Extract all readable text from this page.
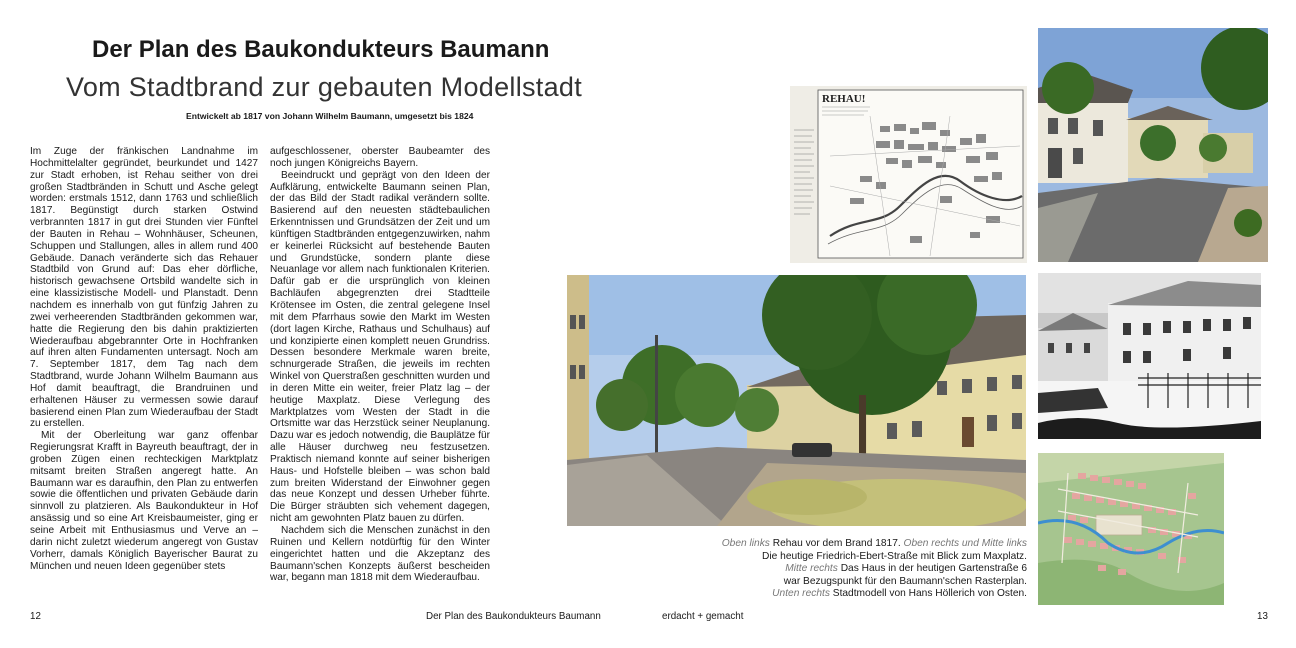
Der Plan des Baukondukteurs Baumann
Vom Stadtbrand zur gebauten Modellstadt
Entwickelt ab 1817 von Johann Wilhelm Baumann, umgesetzt bis 1824

Im Zuge der fränkischen Landnahme im Hochmittelalter gegründet, beurkundet und 1427 zur Stadt erhoben, ist Rehau seither von drei großen Stadtbränden in Schutt und Asche gelegt worden: erstmals 1512, dann 1763 und schließlich 1817. Begünstigt durch starken Ostwind verbrannten 1817 in gut drei Stunden vier Fünftel der Bauten in Rehau – Wohnhäuser, Scheunen, Schuppen und Stallungen, alles in allem rund 400 Gebäude. Danach veränderte sich das Rehauer Stadtbild von Grund auf: Das eher dörfliche, historisch gewachsene Ortsbild wandelte sich in eine klassizistische Modell- und Planstadt. Denn nachdem es innerhalb von gut fünfzig Jahren zu zwei verheerenden Stadtbränden gekommen war, hatte die Regierung den bis dahin praktizierten Wiederaufbau abgebrannter Orte in Hochfranken auf ihren alten Fundamenten untersagt. Noch am 7. September 1817, dem Tag nach dem Stadtbrand, wurde Johann Wilhelm Baumann aus Hof damit beauftragt, die Brandruinen und erhaltenen Häuser zu vermessen sowie darauf basierend einen Plan zum Wiederaufbau der Stadt zu erstellen.

Mit der Oberleitung war ganz offenbar Regierungsrat Krafft in Bayreuth beauftragt, der in groben Zügen einen rechteckigen Marktplatz mitsamt breiten Straßen angeregt hatte. An Baumann war es daraufhin, den Plan zu entwerfen sowie die öffentlichen und privaten Gebäude darin sinnvoll zu platzieren. Als Baukondukteur in Hof ansässig und so eine Art Kreisbaumeister, ging er seine Arbeit mit Enthusiasmus und Verve an – darin nicht zuletzt wiederum angeregt von Gustav Vorherr, damals Königlich Bayerischer Baurat zu München und neuen Ideen gegenüber stets

aufgeschlossener, oberster Baubeamter des noch jungen Königreichs Bayern.

Beeindruckt und geprägt von den Ideen der Aufklärung, entwickelte Baumann seinen Plan, der das Bild der Stadt radikal verändern sollte. Basierend auf den neuesten städtebaulichen Erkenntnissen und Grundsätzen der Zeit und um künftigen Stadtbränden entgegenzuwirken, nahm er keinerlei Rücksicht auf bestehende Bauten und Grundstücke, sondern plante diese Neuanlage vor allem nach funktionalen Kriterien. Dafür gab er die ursprünglich von kleinen Bachläufen abgegrenzten drei Stadtteile Krötensee im Osten, die zentral gelegene Insel mit dem Pfarrhaus sowie den Markt im Westen (dort lagen Kirche, Rathaus und Schulhaus) auf und konzipierte einen komplett neuen Grundriss. Dessen besondere Merkmale waren breite, schnurgerade Straßen, die jeweils im rechten Winkel von Querstraßen geschnitten wurden und in deren Mitte ein weiter, freier Platz lag – der heutige Maxplatz. Diese Verlegung des Marktplatzes vom Westen der Stadt in die Ortsmitte war das Herzstück seiner Neuplanung. Dazu war es jedoch notwendig, die Bauplätze für alle Häuser durchweg neu festzusetzen. Praktisch niemand konnte auf seiner bisherigen Haus- und Hofstelle bleiben – was schon bald zum breiten Widerstand der Einwohner gegen das neue Konzept und dessen Urheber führte. Die Bürger sträubten sich vehement dagegen, nicht am gewohnten Platz bauen zu dürfen.

Nachdem sich die Menschen zunächst in den Ruinen und Kellern notdürftig für den Winter eingerichtet hatten und die Akzeptanz des Baumann'schen Konzepts äußerst bescheiden war, begann man 1818 mit dem Wiederaufbau.

REHAU!
Oben links Rehau vor dem Brand 1817. Oben rechts und Mitte links
Die heutige Friedrich-Ebert-Straße mit Blick zum Maxplatz.
Mitte rechts Das Haus in der heutigen Gartenstraße 6
war Bezugspunkt für den Baumann'schen Rasterplan.
Unten rechts Stadtmodell von Hans Höllerich von Osten.
12	Der Plan des Baukondukteurs Baumann	erdacht + gemacht	13
